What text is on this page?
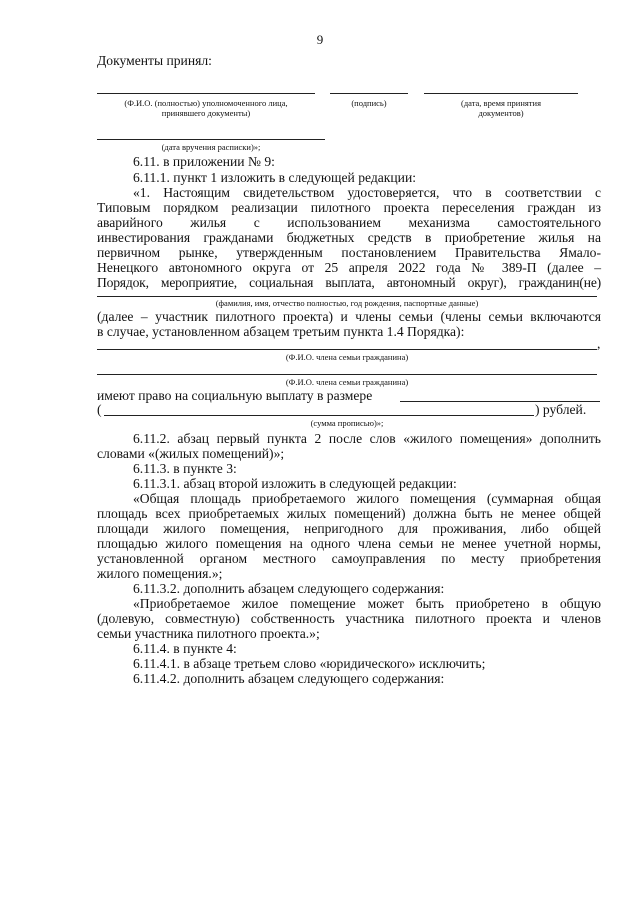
9
Документы принял:
(Ф.И.О. (полностью) уполномоченного лица,
принявшего документы)
(подпись)	(дата, время принятия
документов)
(дата вручения расписки)»;
6.11. в приложении № 9:
6.11.1. пункт 1 изложить в следующей редакции:
«1. Настоящим свидетельством удостоверяется, что в соответствии с
Типовым порядком реализации пилотного проекта переселения граждан из
аварийного жилья с использованием механизма самостоятельного
инвестирования гражданами бюджетных средств в приобретение жилья на
первичном рынке, утвержденным постановлением Правительства Ямало-
Ненецкого автономного округа от 25 апреля 2022 года № 389-П (далее –
Порядок, мероприятие, социальная выплата, автономный округ), гражданин(не)
(фамилия, имя, отчество полностью, год рождения, паспортные данные)
(далее – участник пилотного проекта) и члены семьи (члены семьи включаются
в случае, установленном абзацем третьим пункта 1.4 Порядка):
,
(Ф.И.О. члена семьи гражданина)
(Ф.И.О. члена семьи гражданина)
имеют право на социальную выплату в размере
(	) рублей.
(сумма прописью)»;
6.11.2. абзац первый пункта 2 после слов «жилого помещения» дополнить
словами «(жилых помещений)»;
6.11.3. в пункте 3:
6.11.3.1. абзац второй изложить в следующей редакции:
«Общая площадь приобретаемого жилого помещения (суммарная общая
площадь всех приобретаемых жилых помещений) должна быть не менее общей
площади жилого помещения, непригодного для проживания, либо общей
площадью жилого помещения на одного члена семьи не менее учетной нормы,
установленной органом местного самоуправления по месту приобретения
жилого помещения.»;
6.11.3.2. дополнить абзацем следующего содержания:
«Приобретаемое жилое помещение может быть приобретено в общую
(долевую, совместную) собственность участника пилотного проекта и членов
семьи участника пилотного проекта.»;
6.11.4. в пункте 4:
6.11.4.1. в абзаце третьем слово «юридического» исключить;
6.11.4.2. дополнить абзацем следующего содержания:
